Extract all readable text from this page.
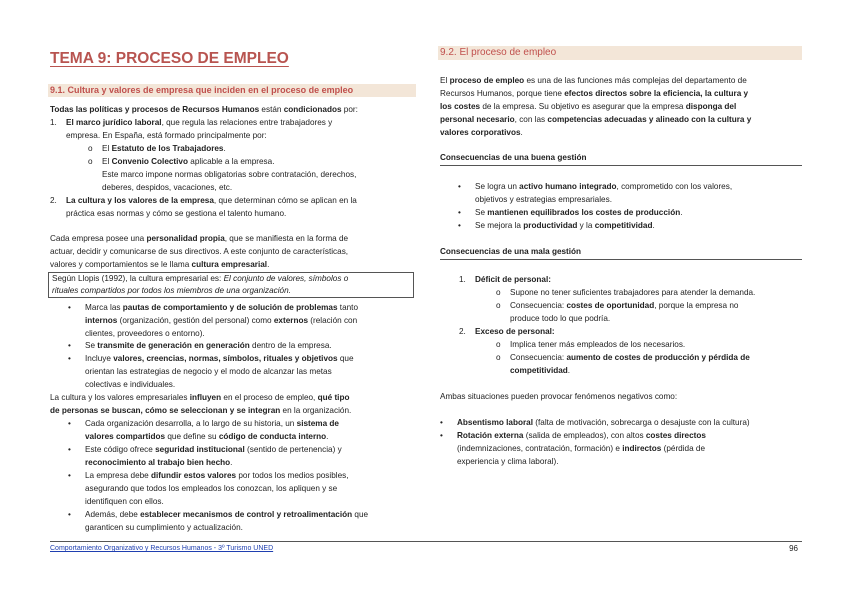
TEMA 9: PROCESO DE EMPLEO
9.1. Cultura y valores de empresa que inciden en el proceso de empleo
Todas las políticas y procesos de Recursos Humanos están condicionados por:
1. El marco jurídico laboral, que regula las relaciones entre trabajadores y
empresa. En España, está formado principalmente por:
o El Estatuto de los Trabajadores.
o El Convenio Colectivo aplicable a la empresa.
Este marco impone normas obligatorias sobre contratación, derechos,
deberes, despidos, vacaciones, etc.
2. La cultura y los valores de la empresa, que determinan cómo se aplican en la
práctica esas normas y cómo se gestiona el talento humano.
Cada empresa posee una personalidad propia, que se manifiesta en la forma de
actuar, decidir y comunicarse de sus directivos. A este conjunto de características,
valores y comportamientos se le llama cultura empresarial.
Según Llopis (1992), la cultura empresarial es: El conjunto de valores, símbolos o
rituales compartidos por todos los miembros de una organización.
• Marca las pautas de comportamiento y de solución de problemas tanto
internos (organización, gestión del personal) como externos (relación con
clientes, proveedores o entorno).
• Se transmite de generación en generación dentro de la empresa.
• Incluye valores, creencias, normas, símbolos, rituales y objetivos que
orientan las estrategias de negocio y el modo de alcanzar las metas
colectivas e individuales.
La cultura y los valores empresariales influyen en el proceso de empleo, qué tipo
de personas se buscan, cómo se seleccionan y se integran en la organización.
• Cada organización desarrolla, a lo largo de su historia, un sistema de
valores compartidos que define su código de conducta interno.
• Este código ofrece seguridad institucional (sentido de pertenencia) y
reconocimiento al trabajo bien hecho.
• La empresa debe difundir estos valores por todos los medios posibles,
asegurando que todos los empleados los conozcan, los apliquen y se
identifiquen con ellos.
• Además, debe establecer mecanismos de control y retroalimentación que
garanticen su cumplimiento y actualización.
9.2. El proceso de empleo
El proceso de empleo es una de las funciones más complejas del departamento de
Recursos Humanos, porque tiene efectos directos sobre la eficiencia, la cultura y
los costes de la empresa. Su objetivo es asegurar que la empresa disponga del
personal necesario, con las competencias adecuadas y alineado con la cultura y
valores corporativos.
Consecuencias de una buena gestión
• Se logra un activo humano integrado, comprometido con los valores,
objetivos y estrategias empresariales.
• Se mantienen equilibrados los costes de producción.
• Se mejora la productividad y la competitividad.
Consecuencias de una mala gestión
1. Déficit de personal:
o Supone no tener suficientes trabajadores para atender la demanda.
o Consecuencia: costes de oportunidad, porque la empresa no
produce todo lo que podría.
2. Exceso de personal:
o Implica tener más empleados de los necesarios.
o Consecuencia: aumento de costes de producción y pérdida de
competitividad.
Ambas situaciones pueden provocar fenómenos negativos como:
• Absentismo laboral (falta de motivación, sobrecarga o desajuste con la cultura)
• Rotación externa (salida de empleados), con altos costes directos
(indemnizaciones, contratación, formación) e indirectos (pérdida de
experiencia y clima laboral).
Comportamiento Organizativo y Recursos Humanos - 3º Turismo UNED	96
